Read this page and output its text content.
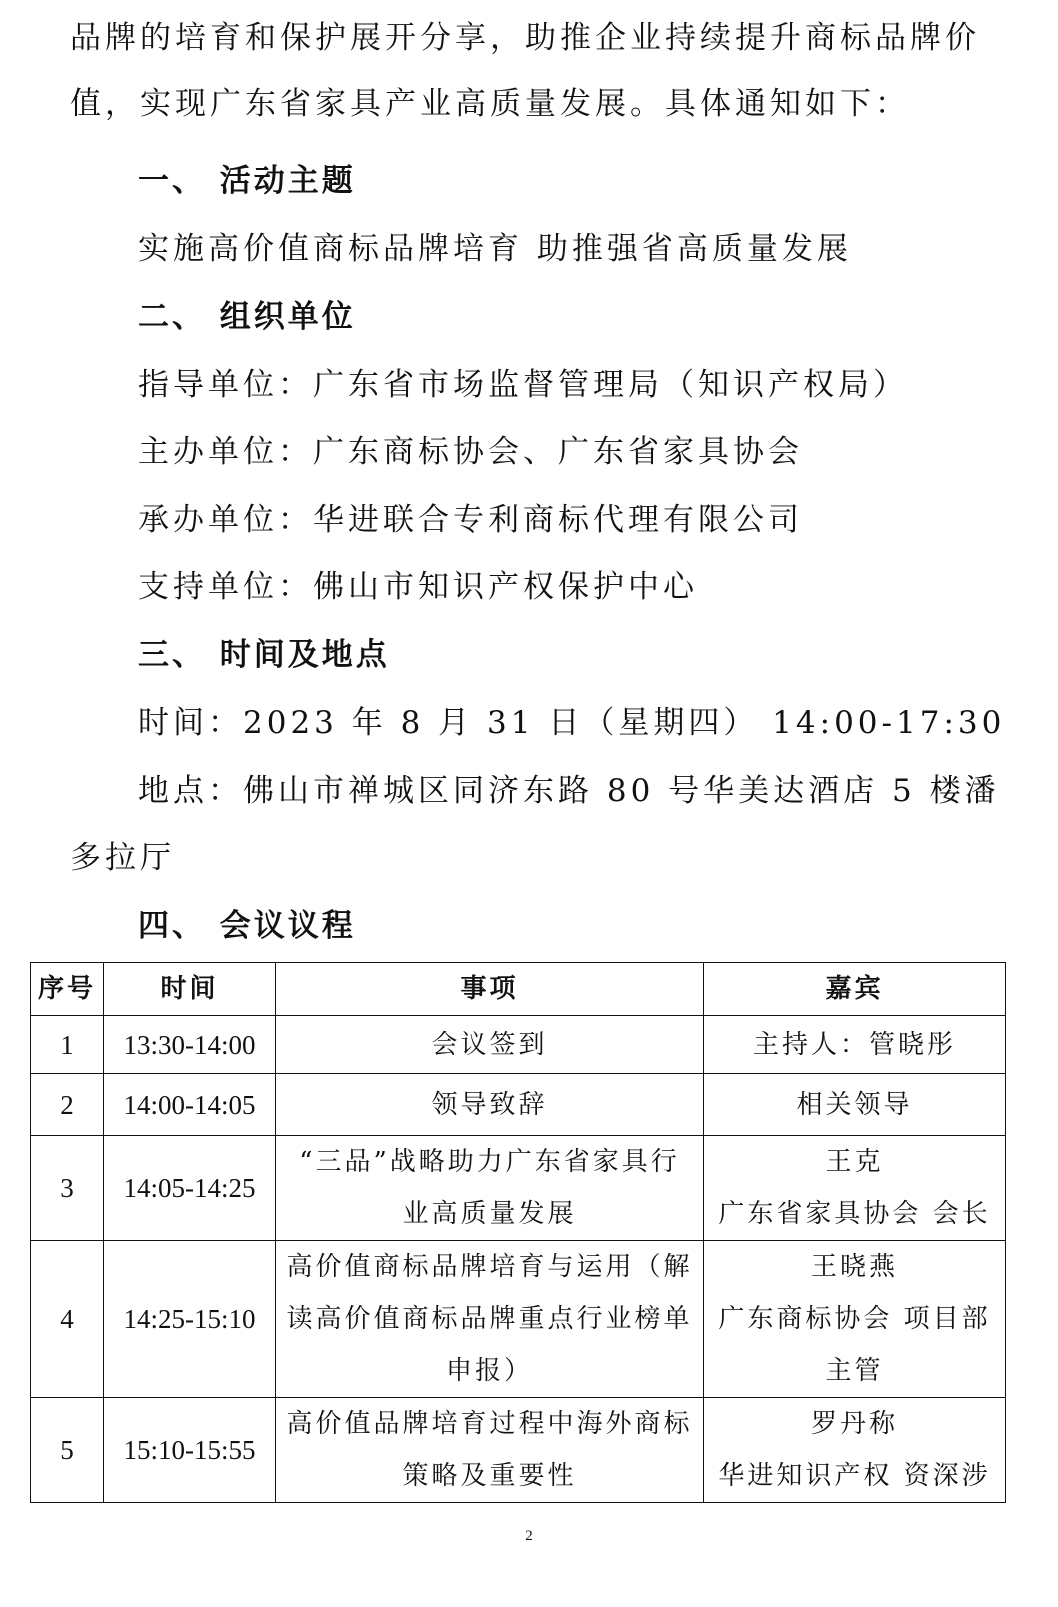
品牌的培育和保护展开分享，助推企业持续提升商标品牌价
值，实现广东省家具产业高质量发展。具体通知如下：
一、 活动主题
实施高价值商标品牌培育 助推强省高质量发展
二、 组织单位
指导单位：广东省市场监督管理局（知识产权局）
主办单位：广东商标协会、广东省家具协会
承办单位：华进联合专利商标代理有限公司
支持单位：佛山市知识产权保护中心
三、 时间及地点
时间：2023 年 8 月 31 日（星期四） 14:00-17:30
地点：佛山市禅城区同济东路 80 号华美达酒店 5 楼潘
多拉厅
四、 会议议程
序号	时间	事项	嘉宾
1	13:30-14:00	会议签到	主持人：管晓彤

2	14:00-14:05	领导致辞	相关领导

3	14:05-14:25	“三品”战略助力广东省家具行
业高质量发展	王克
广东省家具协会 会长

4	14:25-15:10	高价值商标品牌培育与运用（解
读高价值商标品牌重点行业榜单
申报）	王晓燕
广东商标协会 项目部
主管

5	15:10-15:55	高价值品牌培育过程中海外商标
策略及重要性	罗丹称
华进知识产权 资深涉
2
